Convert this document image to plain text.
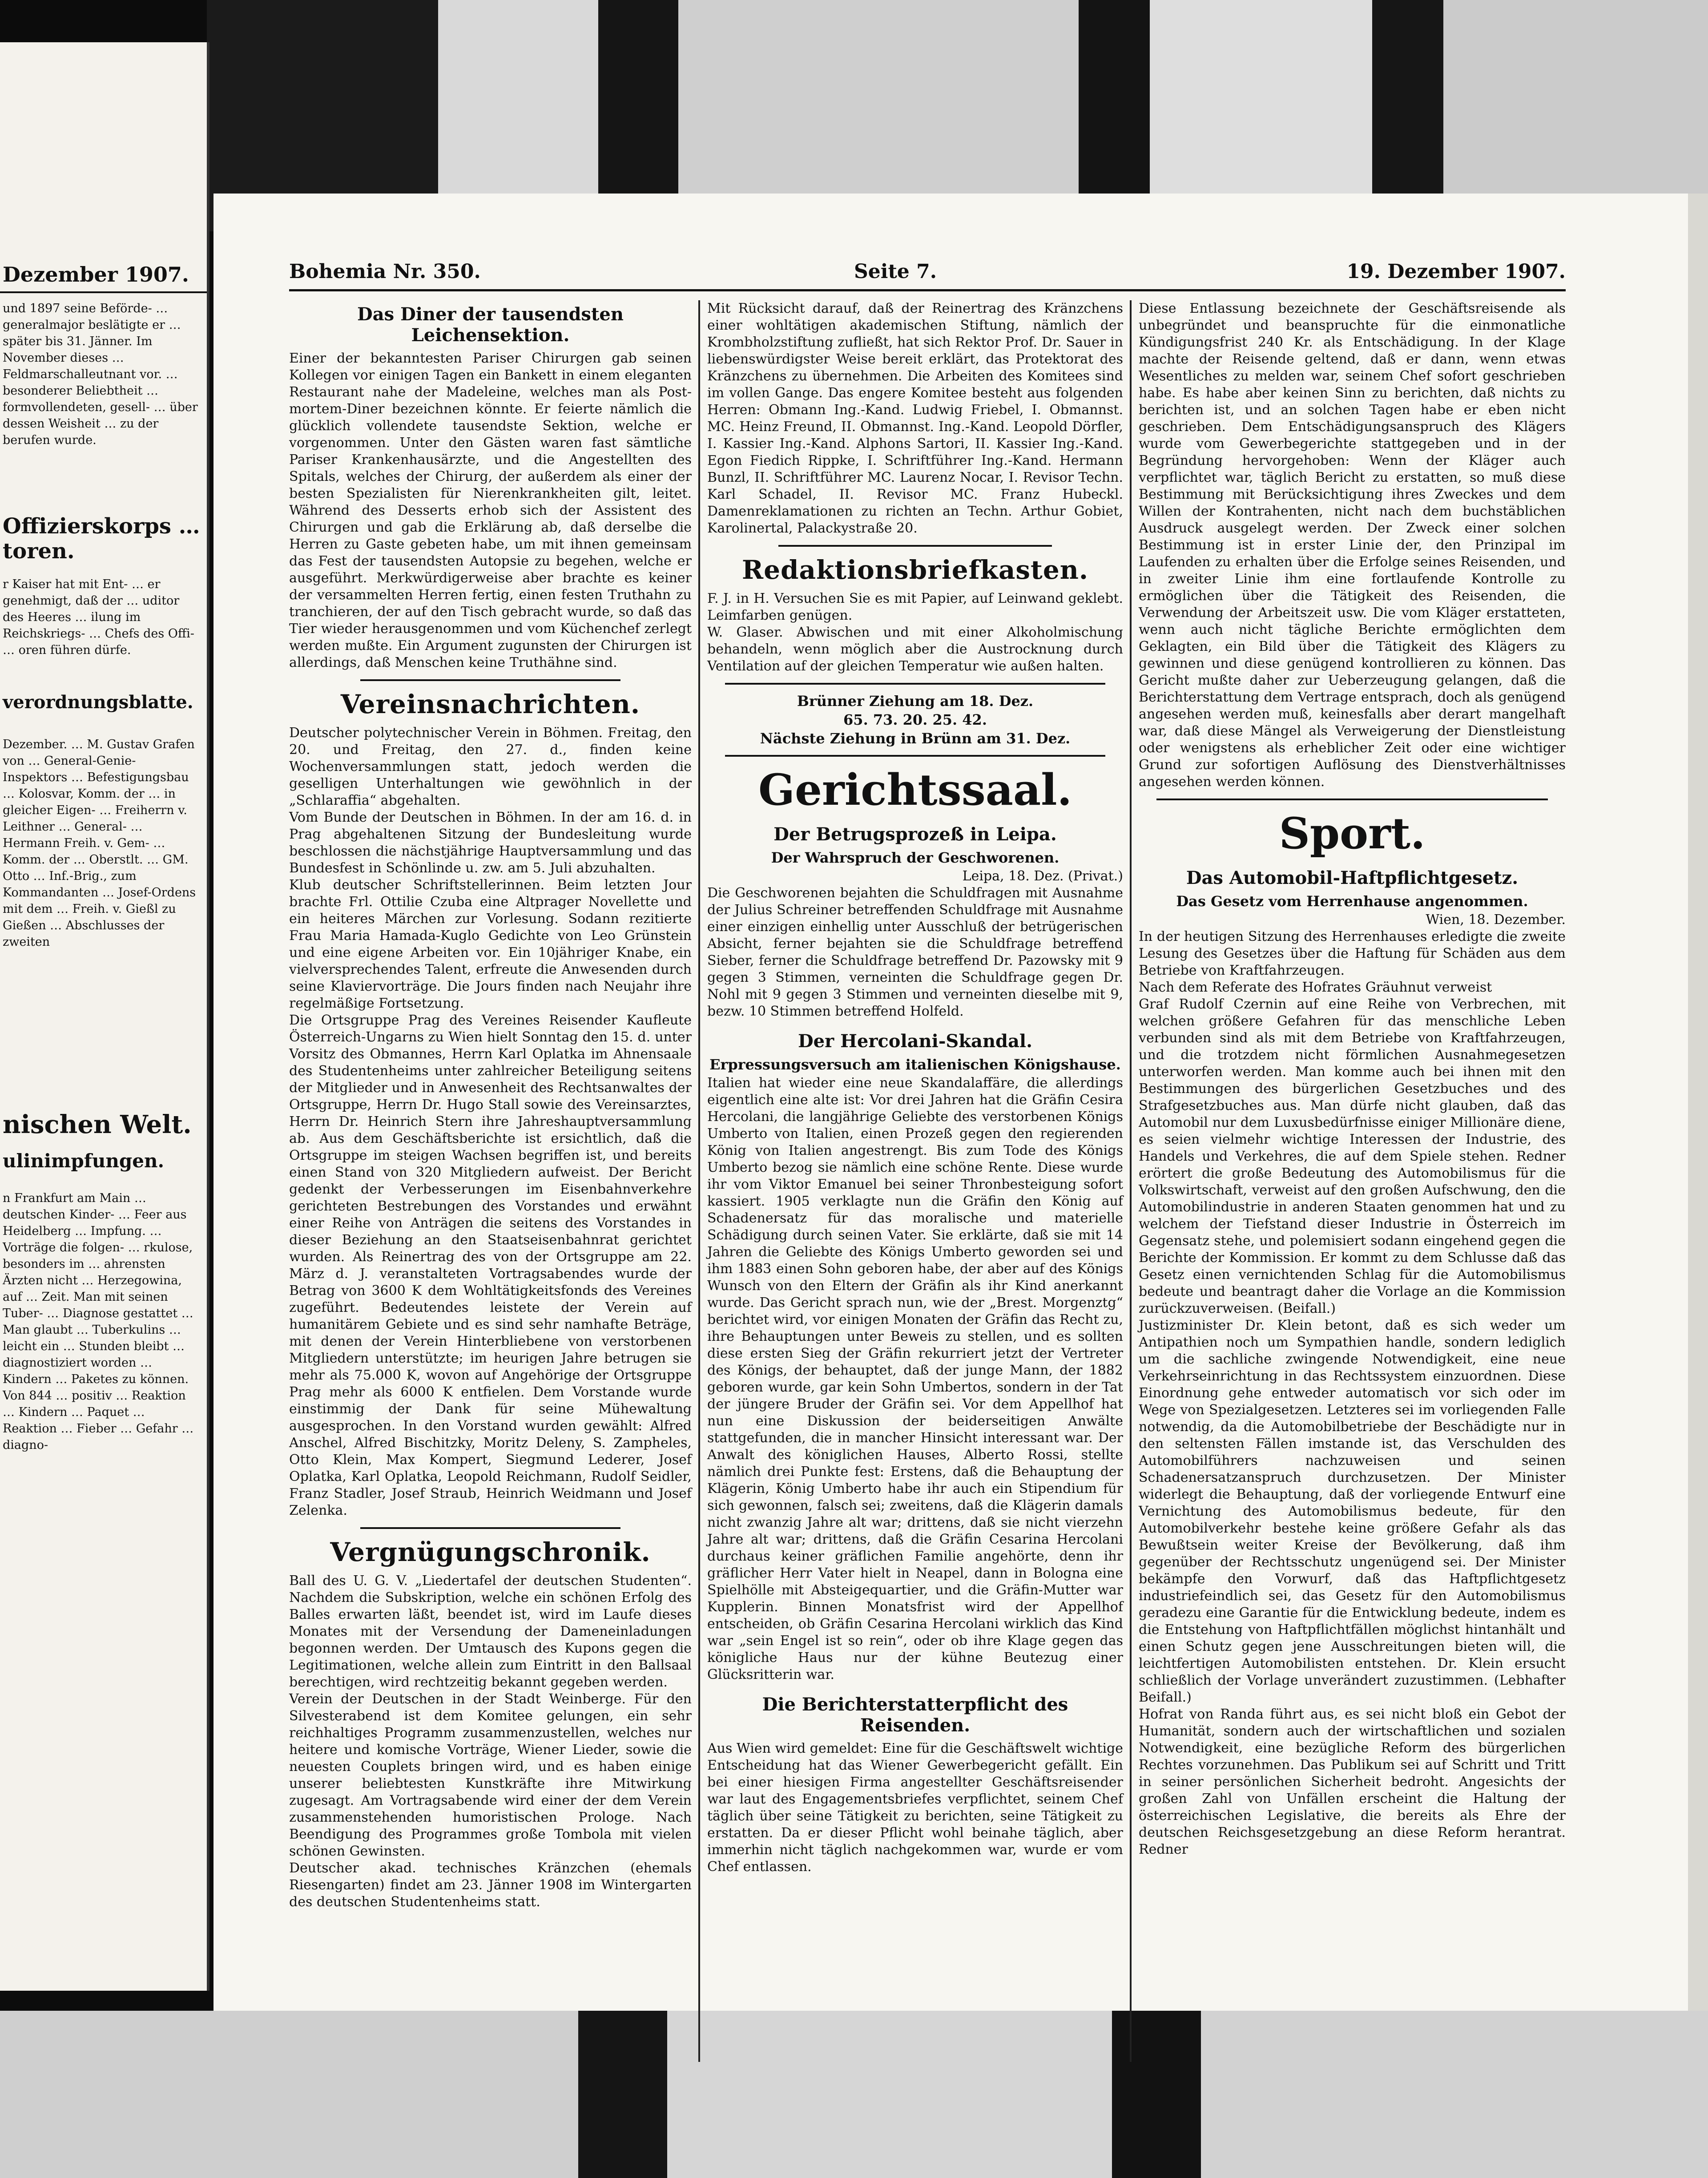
Dezember 1907.
und 1897 seine Beförde- … generalmajor beslätigte er … später bis 31. Jänner. Im November dieses … Feldmarschalleutnant vor. … besonderer Beliebtheit … formvollendeten, gesell- … über dessen Weisheit … zu der berufen wurde.
Offizierskorps … toren.
r Kaiser hat mit Ent- … er genehmigt, daß der … uditor des Heeres … ilung im Reichskriegs- … Chefs des Offi- … oren führen dürfe.
verordnungsblatte.
Dezember. … M. Gustav Grafen von … General-Genie-Inspektors … Befestigungsbau … Kolosvar, Komm. der … in gleicher Eigen- … Freiherrn v. Leithner … General- … Hermann Freih. v. Gem- … Komm. der … Oberstlt. … GM. Otto … Inf.-Brig., zum Kommandanten … Josef-Ordens mit dem … Freih. v. Gießl zu Gießen … Abschlusses der zweiten
nischen Welt.
ulinimpfungen.
n Frankfurt am Main … deutschen Kinder- … Feer aus Heidelberg … Impfung. … Vorträge die folgen- … rkulose, besonders im … ahrensten Ärzten nicht … Herzegowina, auf … Zeit. Man mit seinen Tuber- … Diagnose gestattet … Man glaubt … Tuberkulins … leicht ein … Stunden bleibt … diagnostiziert worden … Kindern … Paketes zu können. Von 844 … positiv … Reaktion … Kindern … Paquet … Reaktion … Fieber … Gefahr … diagno-
Bohemia Nr. 350.	Seite 7.	19. Dezember 1907.
Das Diner der tausendsten Leichensektion.

Einer der bekanntesten Pariser Chirurgen gab seinen Kollegen vor einigen Tagen ein Bankett in einem eleganten Restaurant nahe der Madeleine, welches man als Post-mortem-Diner bezeichnen könnte. Er feierte nämlich die glücklich vollendete tausendste Sektion, welche er vorgenommen. Unter den Gästen waren fast sämtliche Pariser Krankenhausärzte, und die Angestellten des Spitals, welches der Chirurg, der außerdem als einer der besten Spezialisten für Nierenkrankheiten gilt, leitet. Während des Desserts erhob sich der Assistent des Chirurgen und gab die Erklärung ab, daß derselbe die Herren zu Gaste gebeten habe, um mit ihnen gemeinsam das Fest der tausendsten Autopsie zu begehen, welche er ausgeführt. Merkwürdigerweise aber brachte es keiner der versammelten Herren fertig, einen festen Truthahn zu tranchieren, der auf den Tisch gebracht wurde, so daß das Tier wieder herausgenommen und vom Küchenchef zerlegt werden mußte. Ein Argument zugunsten der Chirurgen ist allerdings, daß Menschen keine Truthähne sind.

Vereinsnachrichten.

Deutscher polytechnischer Verein in Böhmen. Freitag, den 20. und Freitag, den 27. d., finden keine Wochenversammlungen statt, jedoch werden die geselligen Unterhaltungen wie gewöhnlich in der „Schlaraffia“ abgehalten.

Vom Bunde der Deutschen in Böhmen. In der am 16. d. in Prag abgehaltenen Sitzung der Bundesleitung wurde beschlossen die nächstjährige Hauptversammlung und das Bundesfest in Schönlinde u. zw. am 5. Juli abzuhalten.

Klub deutscher Schriftstellerinnen. Beim letzten Jour brachte Frl. Ottilie Czuba eine Altprager Novellette und ein heiteres Märchen zur Vorlesung. Sodann rezitierte Frau Maria Hamada-Kuglo Gedichte von Leo Grünstein und eine eigene Arbeiten vor. Ein 10jähriger Knabe, ein vielversprechendes Talent, erfreute die Anwesenden durch seine Klaviervorträge. Die Jours finden nach Neujahr ihre regelmäßige Fortsetzung.

Die Ortsgruppe Prag des Vereines Reisender Kaufleute Österreich-Ungarns zu Wien hielt Sonntag den 15. d. unter Vorsitz des Obmannes, Herrn Karl Oplatka im Ahnensaale des Studentenheims unter zahlreicher Beteiligung seitens der Mitglieder und in Anwesenheit des Rechtsanwaltes der Ortsgruppe, Herrn Dr. Hugo Stall sowie des Vereinsarztes, Herrn Dr. Heinrich Stern ihre Jahreshauptversammlung ab. Aus dem Geschäftsberichte ist ersichtlich, daß die Ortsgruppe im steigen Wachsen begriffen ist, und bereits einen Stand von 320 Mitgliedern aufweist. Der Bericht gedenkt der Verbesserungen im Eisenbahnverkehre gerichteten Bestrebungen des Vorstandes und erwähnt einer Reihe von Anträgen die seitens des Vorstandes in dieser Beziehung an den Staatseisenbahnrat gerichtet wurden. Als Reinertrag des von der Ortsgruppe am 22. März d. J. veranstalteten Vortragsabendes wurde der Betrag von 3600 K dem Wohltätigkeitsfonds des Vereines zugeführt. Bedeutendes leistete der Verein auf humanitärem Gebiete und es sind sehr namhafte Beträge, mit denen der Verein Hinterbliebene von verstorbenen Mitgliedern unterstützte; im heurigen Jahre betrugen sie mehr als 75.000 K, wovon auf Angehörige der Ortsgruppe Prag mehr als 6000 K entfielen. Dem Vorstande wurde einstimmig der Dank für seine Mühewaltung ausgesprochen. In den Vorstand wurden gewählt: Alfred Anschel, Alfred Bischitzky, Moritz Deleny, S. Zampheles, Otto Klein, Max Kompert, Siegmund Lederer, Josef Oplatka, Karl Oplatka, Leopold Reichmann, Rudolf Seidler, Franz Stadler, Josef Straub, Heinrich Weidmann und Josef Zelenka.

Vergnügungschronik.

Ball des U. G. V. „Liedertafel der deutschen Studenten“. Nachdem die Subskription, welche ein schönen Erfolg des Balles erwarten läßt, beendet ist, wird im Laufe dieses Monates mit der Versendung der Dameneinladungen begonnen werden. Der Umtausch des Kupons gegen die Legitimationen, welche allein zum Eintritt in den Ballsaal berechtigen, wird rechtzeitig bekannt gegeben werden.

Verein der Deutschen in der Stadt Weinberge. Für den Silvesterabend ist dem Komitee gelungen, ein sehr reichhaltiges Programm zusammenzustellen, welches nur heitere und komische Vorträge, Wiener Lieder, sowie die neuesten Couplets bringen wird, und es haben einige unserer beliebtesten Kunstkräfte ihre Mitwirkung zugesagt. Am Vortragsabende wird einer der dem Verein zusammenstehenden humoristischen Prologe. Nach Beendigung des Programmes große Tombola mit vielen schönen Gewinsten.

Deutscher akad. technisches Kränzchen (ehemals Riesengarten) findet am 23. Jänner 1908 im Wintergarten des deutschen Studentenheims statt.

Mit Rücksicht darauf, daß der Reinertrag des Kränzchens einer wohltätigen akademischen Stiftung, nämlich der Krombholzstiftung zufließt, hat sich Rektor Prof. Dr. Sauer in liebenswürdigster Weise bereit erklärt, das Protektorat des Kränzchens zu übernehmen. Die Arbeiten des Komitees sind im vollen Gange. Das engere Komitee besteht aus folgenden Herren: Obmann Ing.-Kand. Ludwig Friebel, I. Obmannst. MC. Heinz Freund, II. Obmannst. Ing.-Kand. Leopold Dörfler, I. Kassier Ing.-Kand. Alphons Sartori, II. Kassier Ing.-Kand. Egon Fiedich Rippke, I. Schriftführer Ing.-Kand. Hermann Bunzl, II. Schriftführer MC. Laurenz Nocar, I. Revisor Techn. Karl Schadel, II. Revisor MC. Franz Hubeckl. Damenreklamationen zu richten an Techn. Arthur Gobiet, Karolinertal, Palackystraße 20.

Redaktionsbriefkasten.

F. J. in H. Versuchen Sie es mit Papier, auf Leinwand geklebt. Leimfarben genügen.

W. Glaser. Abwischen und mit einer Alkoholmischung behandeln, wenn möglich aber die Austrocknung durch Ventilation auf der gleichen Temperatur wie außen halten.

Brünner Ziehung am 18. Dez.
65. 73. 20. 25. 42.
Nächste Ziehung in Brünn am 31. Dez.
Gerichtssaal.
Der Betrugsprozeß in Leipa.
Der Wahrspruch der Geschworenen.

Leipa, 18. Dez. (Privat.)

Die Geschworenen bejahten die Schuldfragen mit Ausnahme der Julius Schreiner betreffenden Schuldfrage mit Ausnahme einer einzigen einhellig unter Ausschluß der betrügerischen Absicht, ferner bejahten sie die Schuldfrage betreffend Sieber, ferner die Schuldfrage betreffend Dr. Pazowsky mit 9 gegen 3 Stimmen, verneinten die Schuldfrage gegen Dr. Nohl mit 9 gegen 3 Stimmen und verneinten dieselbe mit 9, bezw. 10 Stimmen betreffend Holfeld.

Der Hercolani-Skandal.
Erpressungsversuch am italienischen Königshause.

Italien hat wieder eine neue Skandalaffäre, die allerdings eigentlich eine alte ist: Vor drei Jahren hat die Gräfin Cesira Hercolani, die langjährige Geliebte des verstorbenen Königs Umberto von Italien, einen Prozeß gegen den regierenden König von Italien angestrengt. Bis zum Tode des Königs Umberto bezog sie nämlich eine schöne Rente. Diese wurde ihr vom Viktor Emanuel bei seiner Thronbesteigung sofort kassiert. 1905 verklagte nun die Gräfin den König auf Schadenersatz für das moralische und materielle Schädigung durch seinen Vater. Sie erklärte, daß sie mit 14 Jahren die Geliebte des Königs Umberto geworden sei und ihm 1883 einen Sohn geboren habe, der aber auf des Königs Wunsch von den Eltern der Gräfin als ihr Kind anerkannt wurde. Das Gericht sprach nun, wie der „Brest. Morgenztg“ berichtet wird, vor einigen Monaten der Gräfin das Recht zu, ihre Behauptungen unter Beweis zu stellen, und es sollten diese ersten Sieg der Gräfin rekurriert jetzt der Vertreter des Königs, der behauptet, daß der junge Mann, der 1882 geboren wurde, gar kein Sohn Umbertos, sondern in der Tat der jüngere Bruder der Gräfin sei. Vor dem Appellhof hat nun eine Diskussion der beiderseitigen Anwälte stattgefunden, die in mancher Hinsicht interessant war. Der Anwalt des königlichen Hauses, Alberto Rossi, stellte nämlich drei Punkte fest: Erstens, daß die Behauptung der Klägerin, König Umberto habe ihr auch ein Stipendium für sich gewonnen, falsch sei; zweitens, daß die Klägerin damals nicht zwanzig Jahre alt war; drittens, daß sie nicht vierzehn Jahre alt war; drittens, daß die Gräfin Cesarina Hercolani durchaus keiner gräflichen Familie angehörte, denn ihr gräflicher Herr Vater hielt in Neapel, dann in Bologna eine Spielhölle mit Absteigequartier, und die Gräfin-Mutter war Kupplerin. Binnen Monatsfrist wird der Appellhof entscheiden, ob Gräfin Cesarina Hercolani wirklich das Kind war „sein Engel ist so rein“, oder ob ihre Klage gegen das königliche Haus nur der kühne Beutezug einer Glücksritterin war.

Die Berichterstatterpflicht des Reisenden.

Aus Wien wird gemeldet: Eine für die Geschäftswelt wichtige Entscheidung hat das Wiener Gewerbegericht gefällt. Ein bei einer hiesigen Firma angestellter Geschäftsreisender war laut des Engagementsbriefes verpflichtet, seinem Chef täglich über seine Tätigkeit zu berichten, seine Tätigkeit zu erstatten. Da er dieser Pflicht wohl beinahe täglich, aber immerhin nicht täglich nachgekommen war, wurde er vom Chef entlassen.

Diese Entlassung bezeichnete der Geschäftsreisende als unbegründet und beanspruchte für die einmonatliche Kündigungsfrist 240 Kr. als Entschädigung. In der Klage machte der Reisende geltend, daß er dann, wenn etwas Wesentliches zu melden war, seinem Chef sofort geschrieben habe. Es habe aber keinen Sinn zu berichten, daß nichts zu berichten ist, und an solchen Tagen habe er eben nicht geschrieben. Dem Entschädigungsanspruch des Klägers wurde vom Gewerbegerichte stattgegeben und in der Begründung hervorgehoben: Wenn der Kläger auch verpflichtet war, täglich Bericht zu erstatten, so muß diese Bestimmung mit Berücksichtigung ihres Zweckes und dem Willen der Kontrahenten, nicht nach dem buchstäblichen Ausdruck ausgelegt werden. Der Zweck einer solchen Bestimmung ist in erster Linie der, den Prinzipal im Laufenden zu erhalten über die Erfolge seines Reisenden, und in zweiter Linie ihm eine fortlaufende Kontrolle zu ermöglichen über die Tätigkeit des Reisenden, die Verwendung der Arbeitszeit usw. Die vom Kläger erstatteten, wenn auch nicht tägliche Berichte ermöglichten dem Geklagten, ein Bild über die Tätigkeit des Klägers zu gewinnen und diese genügend kontrollieren zu können. Das Gericht mußte daher zur Ueberzeugung gelangen, daß die Berichterstattung dem Vertrage entsprach, doch als genügend angesehen werden muß, keinesfalls aber derart mangelhaft war, daß diese Mängel als Verweigerung der Dienstleistung oder wenigstens als erheblicher Zeit oder eine wichtiger Grund zur sofortigen Auflösung des Dienstverhältnisses angesehen werden können.

Sport.
Das Automobil-Haftpflichtgesetz.
Das Gesetz vom Herrenhause angenommen.

Wien, 18. Dezember.

In der heutigen Sitzung des Herrenhauses erledigte die zweite Lesung des Gesetzes über die Haftung für Schäden aus dem Betriebe von Kraftfahrzeugen.

Nach dem Referate des Hofrates Gräuhnut verweist

Graf Rudolf Czernin auf eine Reihe von Verbrechen, mit welchen größere Gefahren für das menschliche Leben verbunden sind als mit dem Betriebe von Kraftfahrzeugen, und die trotzdem nicht förmlichen Ausnahmegesetzen unterworfen werden. Man komme auch bei ihnen mit den Bestimmungen des bürgerlichen Gesetzbuches und des Strafgesetzbuches aus. Man dürfe nicht glauben, daß das Automobil nur dem Luxusbedürfnisse einiger Millionäre diene, es seien vielmehr wichtige Interessen der Industrie, des Handels und Verkehres, die auf dem Spiele stehen. Redner erörtert die große Bedeutung des Automobilismus für die Volkswirtschaft, verweist auf den großen Aufschwung, den die Automobilindustrie in anderen Staaten genommen hat und zu welchem der Tiefstand dieser Industrie in Österreich im Gegensatz stehe, und polemisiert sodann eingehend gegen die Berichte der Kommission. Er kommt zu dem Schlusse daß das Gesetz einen vernichtenden Schlag für die Automobilismus bedeute und beantragt daher die Vorlage an die Kommission zurückzuverweisen. (Beifall.)

Justizminister Dr. Klein betont, daß es sich weder um Antipathien noch um Sympathien handle, sondern lediglich um die sachliche zwingende Notwendigkeit, eine neue Verkehrseinrichtung in das Rechtssystem einzuordnen. Diese Einordnung gehe entweder automatisch vor sich oder im Wege von Spezialgesetzen. Letzteres sei im vorliegenden Falle notwendig, da die Automobilbetriebe der Beschädigte nur in den seltensten Fällen imstande ist, das Verschulden des Automobilführers nachzuweisen und seinen Schadenersatzanspruch durchzusetzen. Der Minister widerlegt die Behauptung, daß der vorliegende Entwurf eine Vernichtung des Automobilismus bedeute, für den Automobilverkehr bestehe keine größere Gefahr als das Bewußtsein weiter Kreise der Bevölkerung, daß ihm gegenüber der Rechtsschutz ungenügend sei. Der Minister bekämpfe den Vorwurf, daß das Haftpflichtgesetz industriefeindlich sei, das Gesetz für den Automobilismus geradezu eine Garantie für die Entwicklung bedeute, indem es die Entstehung von Haftpflichtfällen möglichst hintanhält und einen Schutz gegen jene Ausschreitungen bieten will, die leichtfertigen Automobilisten entstehen. Dr. Klein ersucht schließlich der Vorlage unverändert zuzustimmen. (Lebhafter Beifall.)

Hofrat von Randa führt aus, es sei nicht bloß ein Gebot der Humanität, sondern auch der wirtschaftlichen und sozialen Notwendigkeit, eine bezügliche Reform des bürgerlichen Rechtes vorzunehmen. Das Publikum sei auf Schritt und Tritt in seiner persönlichen Sicherheit bedroht. Angesichts der großen Zahl von Unfällen erscheint die Haltung der österreichischen Legislative, die bereits als Ehre der deutschen Reichsgesetzgebung an diese Reform herantrat. Redner
